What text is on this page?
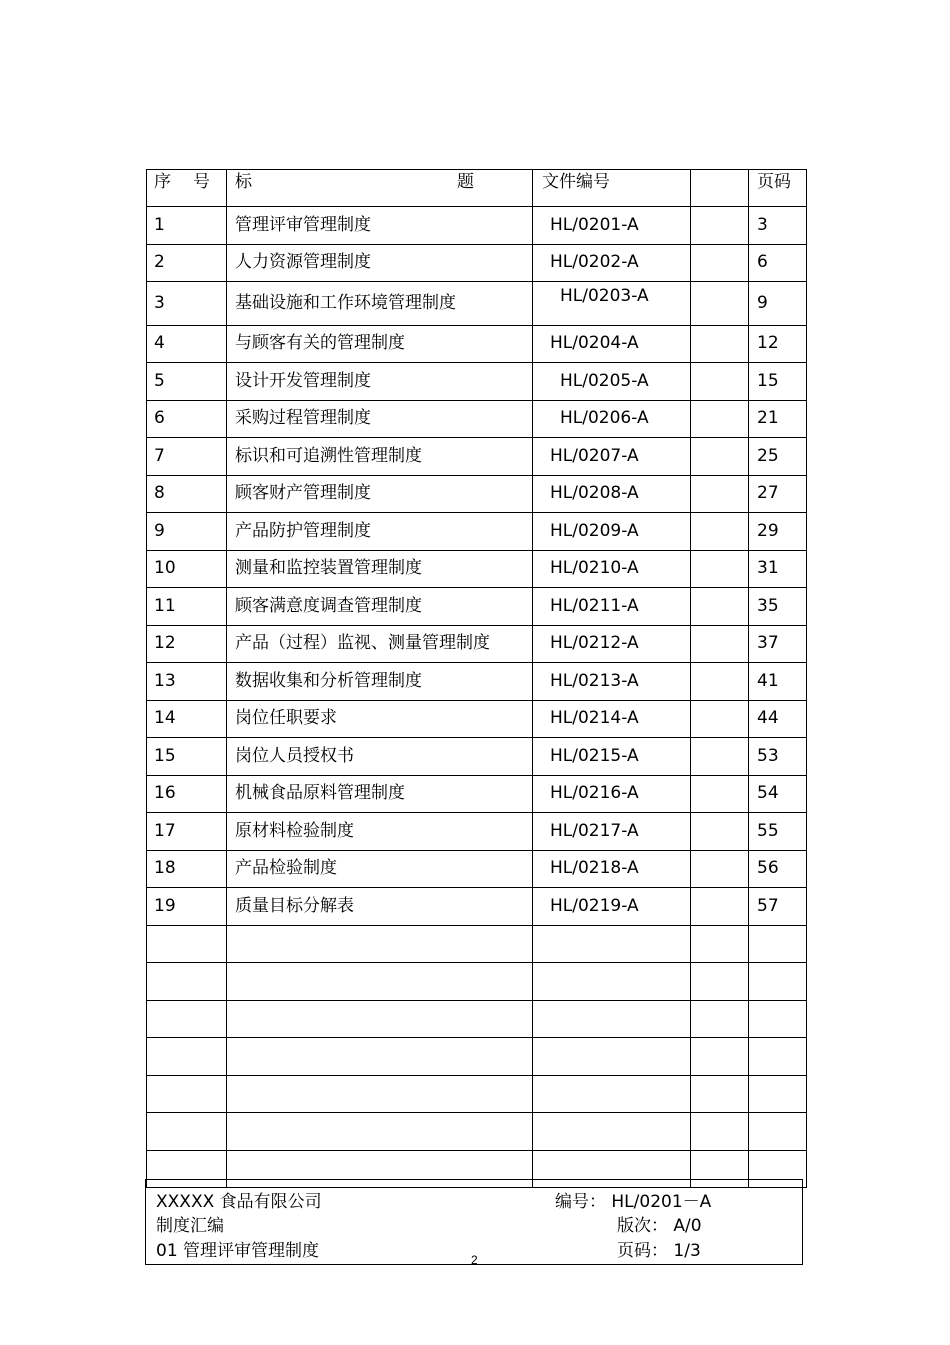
序 号	标 题	文件编号		页码
1	管理评审管理制度	HL/0201-A		3
2	人力资源管理制度	HL/0202-A		6
3	基础设施和工作环境管理制度	HL/0203-A		9
4	与顾客有关的管理制度	HL/0204-A		12
5	设计开发管理制度	HL/0205-A		15
6	采购过程管理制度	HL/0206-A		21
7	标识和可追溯性管理制度	HL/0207-A		25
8	顾客财产管理制度	HL/0208-A		27
9	产品防护管理制度	HL/0209-A		29
10	测量和监控装置管理制度	HL/0210-A		31
11	顾客满意度调查管理制度	HL/0211-A		35
12	产品（过程）监视、测量管理制度	HL/0212-A		37
13	数据收集和分析管理制度	HL/0213-A		41
14	岗位任职要求	HL/0214-A		44
15	岗位人员授权书	HL/0215-A		53
16	机械食品原料管理制度	HL/0216-A		54
17	原材料检验制度	HL/0217-A		55
18	产品检验制度	HL/0218-A		56
19	质量目标分解表	HL/0219-A		57

XXXXX 食品有限公司
制度汇编
01 管理评审管理制度
编号： HL/0201－A
版次： A/0
页码： 1/3
2
